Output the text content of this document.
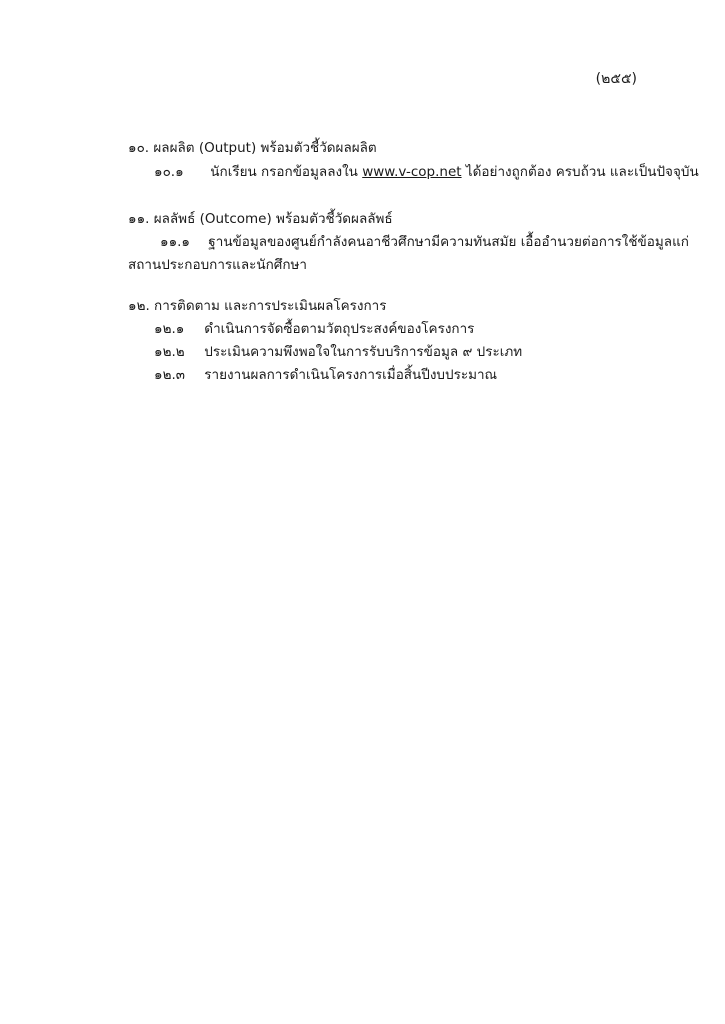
(๒๕๕)
๑๐. ผลผลิต (Output) พร้อมตัวชี้วัดผลผลิต
๑๐.๑ นักเรียน กรอกข้อมูลลงใน www.v-cop.net ได้อย่างถูกต้อง ครบถ้วน และเป็นปัจจุบัน
๑๑. ผลลัพธ์ (Outcome) พร้อมตัวชี้วัดผลลัพธ์
๑๑.๑ ฐานข้อมูลของศูนย์กำลังคนอาชีวศึกษามีความทันสมัย เอื้ออำนวยต่อการใช้ข้อมูลแก่
สถานประกอบการและนักศึกษา
๑๒. การติดตาม และการประเมินผลโครงการ
๑๒.๑ ดำเนินการจัดซื้อตามวัตถุประสงค์ของโครงการ
๑๒.๒ ประเมินความพึงพอใจในการรับบริการข้อมูล ๙ ประเภท
๑๒.๓ รายงานผลการดำเนินโครงการเมื่อสิ้นปีงบประมาณ
